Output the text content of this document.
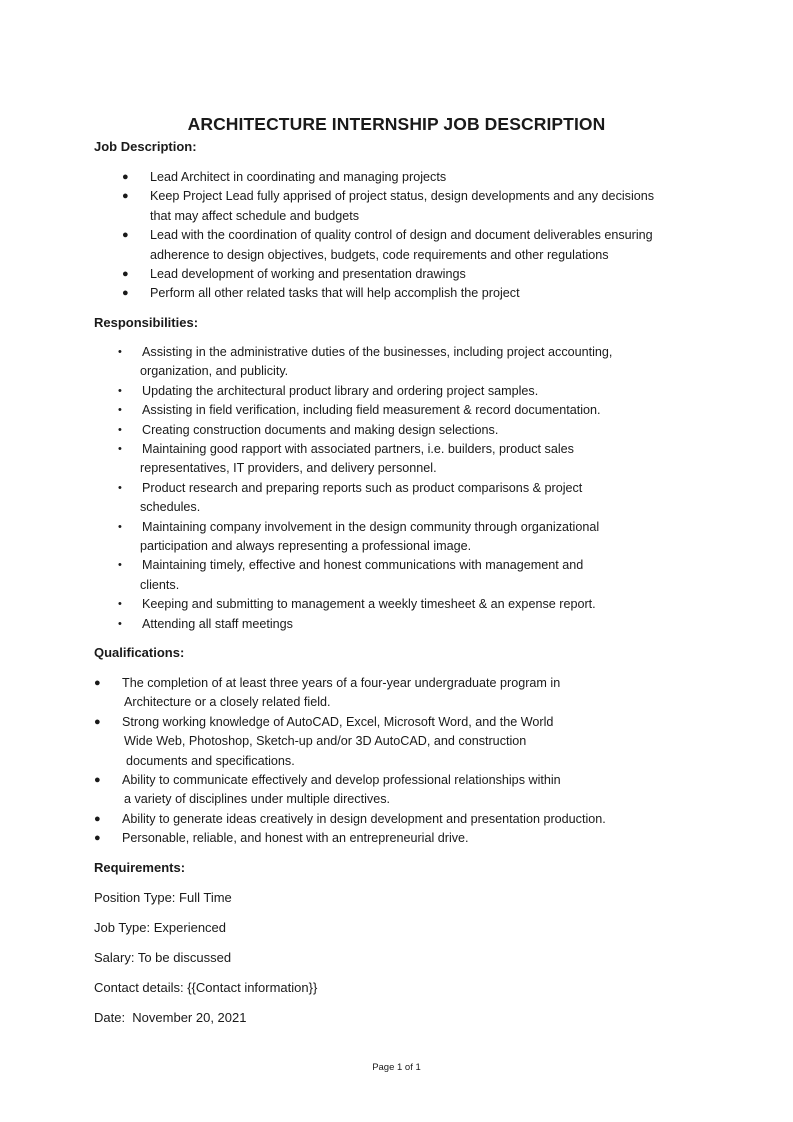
ARCHITECTURE INTERNSHIP JOB DESCRIPTION
Job Description:
● Lead Architect in coordinating and managing projects
● Keep Project Lead fully apprised of project status, design developments and any decisions
that may affect schedule and budgets
● Lead with the coordination of quality control of design and document deliverables ensuring
adherence to design objectives, budgets, code requirements and other regulations
● Lead development of working and presentation drawings
● Perform all other related tasks that will help accomplish the project
Responsibilities:
• Assisting in the administrative duties of the businesses, including project accounting,
organization, and publicity.
• Updating the architectural product library and ordering project samples.
• Assisting in field verification, including field measurement & record documentation.
• Creating construction documents and making design selections.
• Maintaining good rapport with associated partners, i.e. builders, product sales
representatives, IT providers, and delivery personnel.
• Product research and preparing reports such as product comparisons & project
schedules.
• Maintaining company involvement in the design community through organizational
participation and always representing a professional image.
• Maintaining timely, effective and honest communications with management and
clients.
• Keeping and submitting to management a weekly timesheet & an expense report.
• Attending all staff meetings
Qualifications:
● The completion of at least three years of a four-year undergraduate program in
Architecture or a closely related field.
● Strong working knowledge of AutoCAD, Excel, Microsoft Word, and the World
Wide Web, Photoshop, Sketch-up and/or 3D AutoCAD, and construction
documents and specifications.
● Ability to communicate effectively and develop professional relationships within
a variety of disciplines under multiple directives.
● Ability to generate ideas creatively in design development and presentation production.
● Personable, reliable, and honest with an entrepreneurial drive.
Requirements:
Position Type: Full Time
Job Type: Experienced
Salary: To be discussed
Contact details: {{Contact information}}
Date:  November 20, 2021
Page 1 of 1
